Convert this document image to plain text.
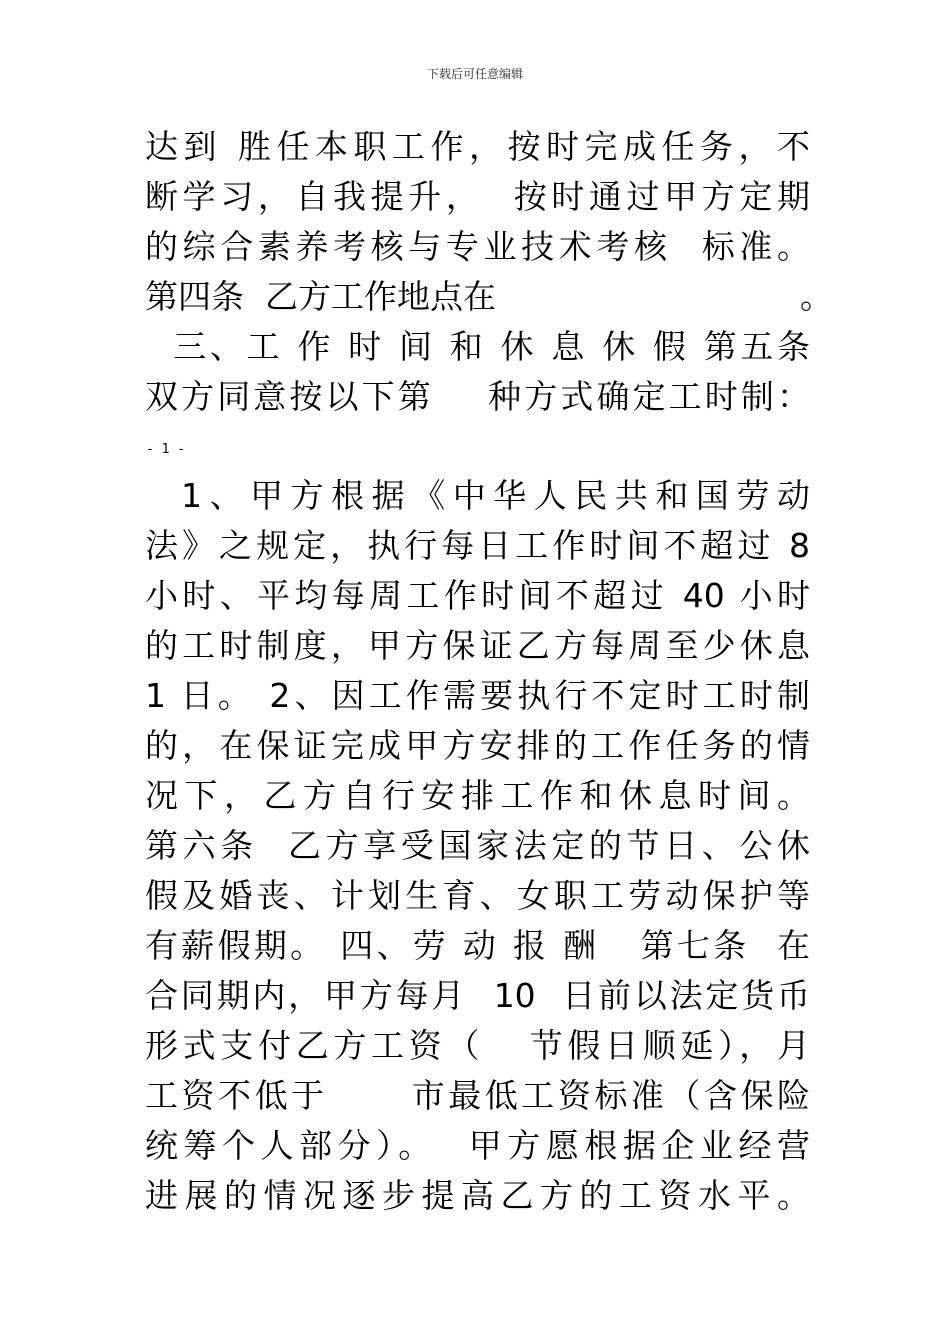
下载后可任意编辑
达到 胜任本职工作，按时完成任务，不
断学习，自我提升，  按时通过甲方定期
的综合素养考核与专业技术考核  标准。
第四条  乙方工作地点在
三、工 作 时 间 和 休 息 休 假 第五条
双方同意按以下第    种方式确定工时制：
。
- 1 -
1、甲方根据《中华人民共和国劳动
法》之规定，执行每日工作时间不超过 8
小时、平均每周工作时间不超过 40 小时
的工时制度，甲方保证乙方每周至少休息
1 日。 2、因工作需要执行不定时工时制
的，在保证完成甲方安排的工作任务的情
况下，乙方自行安排工作和休息时间。
第六条  乙方享受国家法定的节日、公休
假及婚丧、计划生育、女职工劳动保护等
有薪假期。 四、劳 动 报 酬   第七条  在
合同期内，甲方每月  10  日前以法定货币
形式支付乙方工资（   节假日顺延），月
工资不低于      市最低工资标准（含保险
统筹个人部分）。  甲方愿根据企业经营
进展的情况逐步提高乙方的工资水平。
